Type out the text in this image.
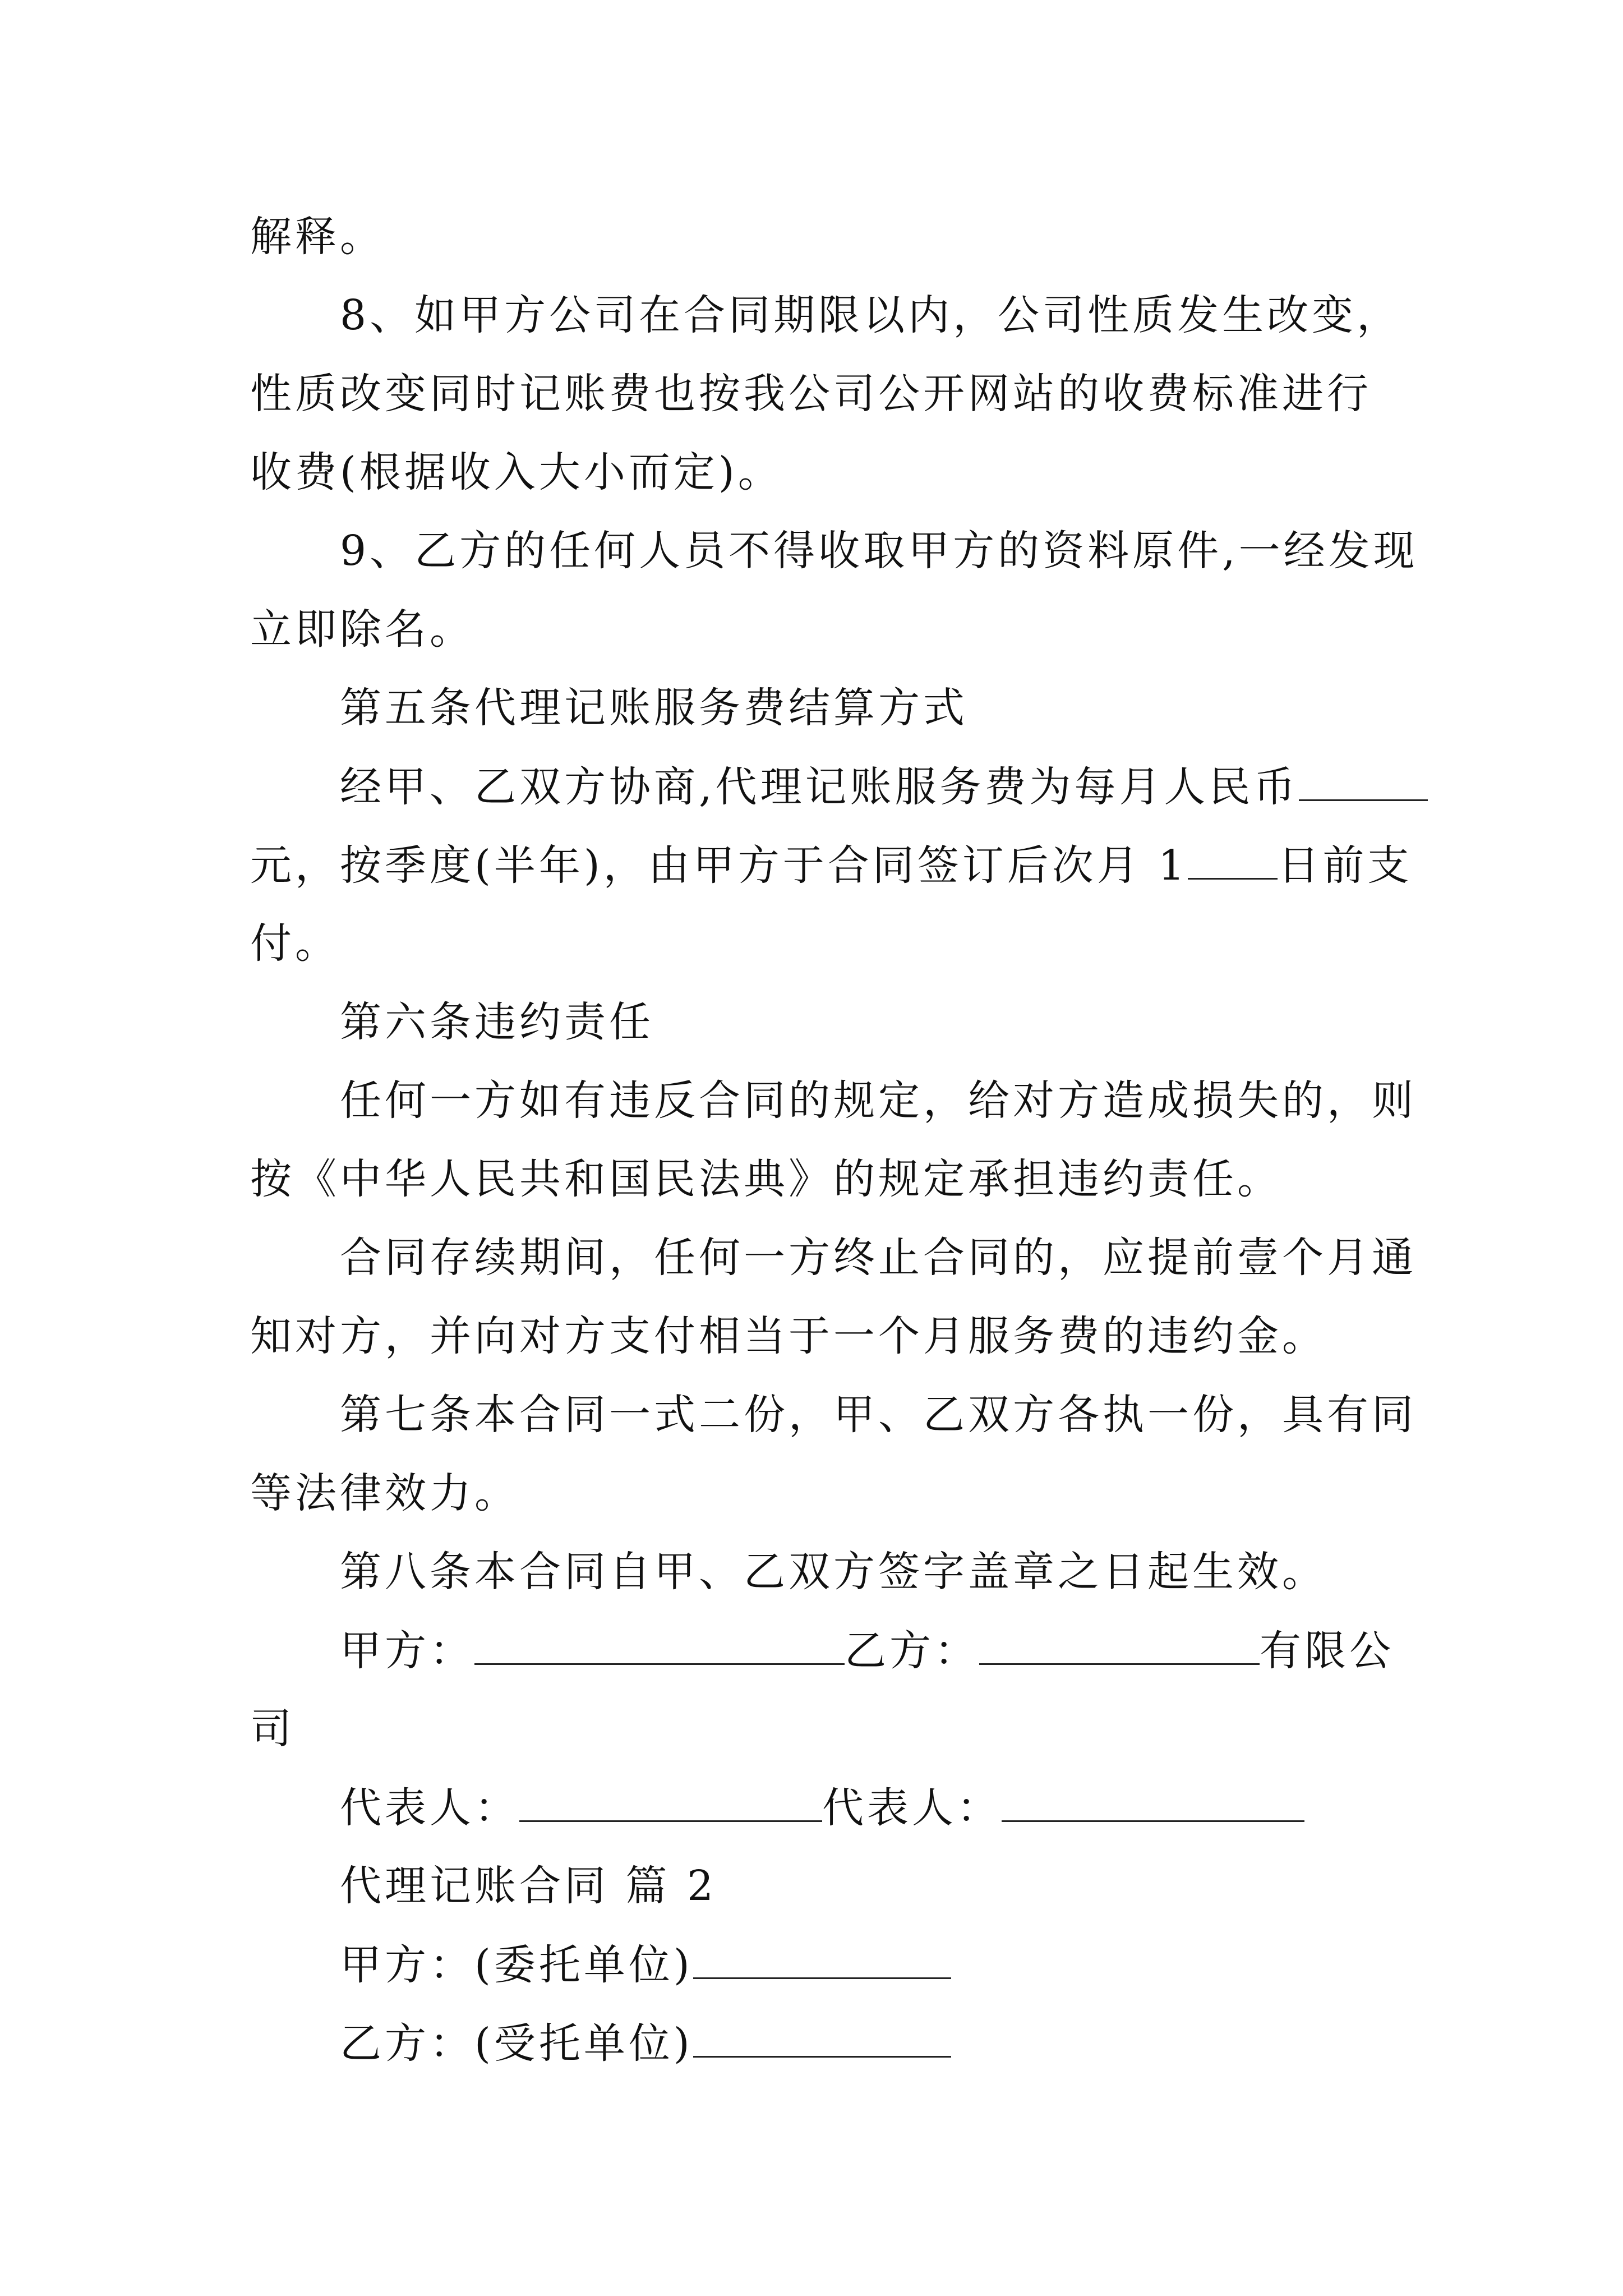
解释。
8、如甲方公司在合同期限以内，公司性质发生改变，
性质改变同时记账费也按我公司公开网站的收费标准进行
收费(根据收入大小而定)。
9、乙方的任何人员不得收取甲方的资料原件,一经发现
立即除名。
第五条代理记账服务费结算方式
经甲、乙双方协商,代理记账服务费为每月人民币
元，按季度(半年)，由甲方于合同签订后次月 1 日前支
付。
第六条违约责任
任何一方如有违反合同的规定，给对方造成损失的，则
按《中华人民共和国民法典》的规定承担违约责任。
合同存续期间，任何一方终止合同的，应提前壹个月通
知对方，并向对方支付相当于一个月服务费的违约金。
第七条本合同一式二份，甲、乙双方各执一份，具有同
等法律效力。
第八条本合同自甲、乙双方签字盖章之日起生效。
甲方：	乙方：	有限公
司
代表人：	代表人：
代理记账合同 篇 2
甲方：(委托单位)
乙方：(受托单位)
